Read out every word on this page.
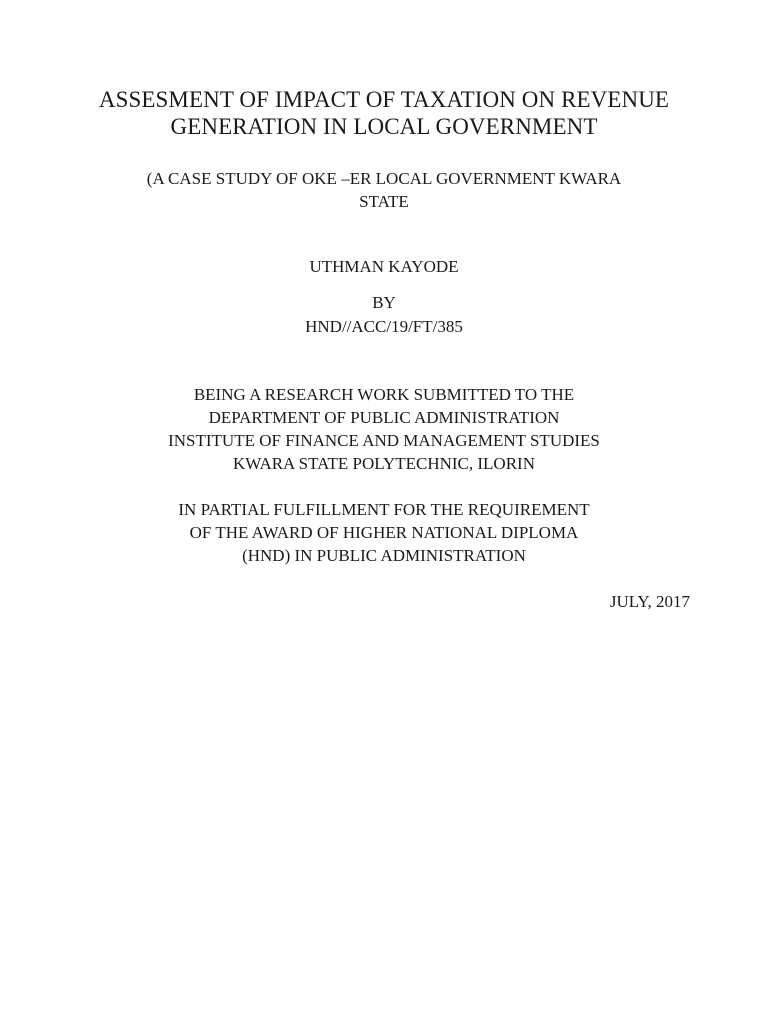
ASSESMENT OF IMPACT OF TAXATION ON REVENUE
GENERATION IN LOCAL GOVERNMENT
(A CASE STUDY OF OKE –ER LOCAL GOVERNMENT KWARA
STATE
UTHMAN KAYODE
BY
HND//ACC/19/FT/385
BEING A RESEARCH WORK SUBMITTED TO THE
DEPARTMENT OF PUBLIC ADMINISTRATION
INSTITUTE OF FINANCE AND MANAGEMENT STUDIES
KWARA STATE POLYTECHNIC, ILORIN
IN PARTIAL FULFILLMENT FOR THE REQUIREMENT
OF THE AWARD OF HIGHER NATIONAL DIPLOMA
(HND) IN PUBLIC ADMINISTRATION
JULY, 2017
